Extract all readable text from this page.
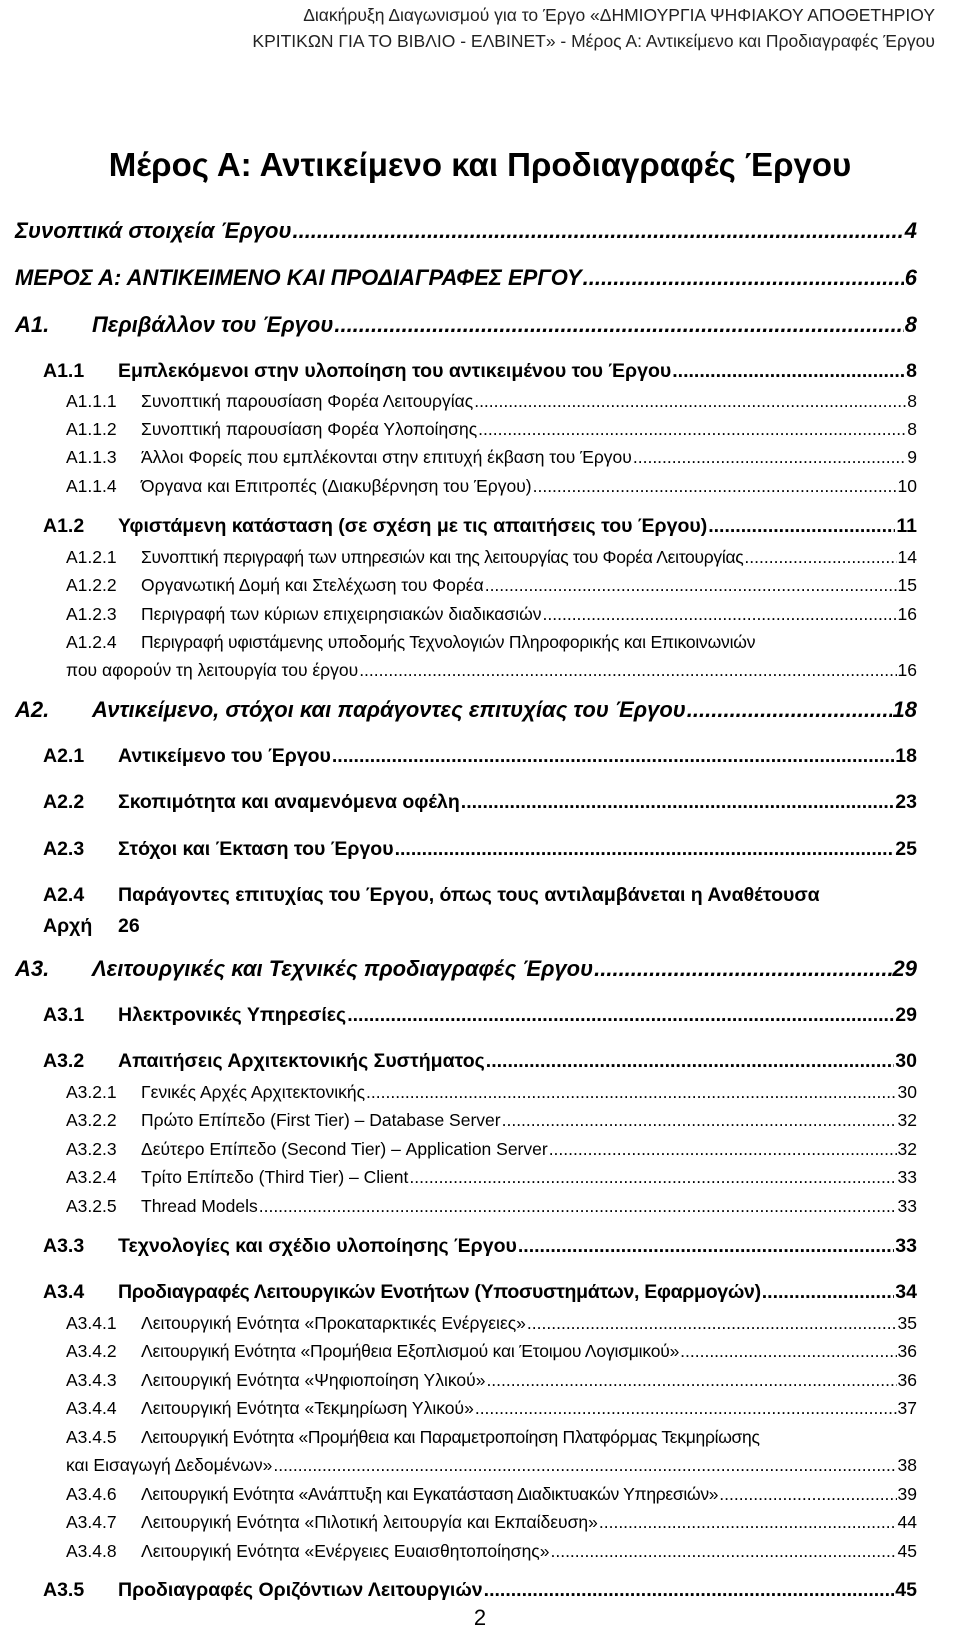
Διακήρυξη Διαγωνισμού για το Έργο «ΔΗΜΙΟΥΡΓΙΑ ΨΗΦΙΑΚΟΥ ΑΠΟΘΕΤΗΡΙΟΥ
ΚΡΙΤΙΚΩΝ ΓΙΑ ΤΟ ΒΙΒΛΙΟ - ΕΛΒΙΝΕΤ» - Μέρος Α: Αντικείμενο και Προδιαγραφές Έργου
Μέρος Α: Αντικείμενο και Προδιαγραφές Έργου
Συνοπτικά στοιχεία Έργου .....	4
ΜΕΡΟΣ Α: ΑΝΤΙΚΕΙΜΕΝΟ ΚΑΙ ΠΡΟΔΙΑΓΡΑΦΕΣ ΕΡΓΟΥ .....	6
Α1.	Περιβάλλον του Έργου .....	8
Α1.1	Εμπλεκόμενοι στην υλοποίηση του αντικειμένου του Έργου .....	8
Α1.1.1	Συνοπτική παρουσίαση Φορέα Λειτουργίας .....	8
Α1.1.2	Συνοπτική παρουσίαση Φορέα Υλοποίησης .....	8
Α1.1.3	Άλλοι Φορείς που εμπλέκονται στην επιτυχή έκβαση του Έργου .....	9
Α1.1.4	Όργανα και Επιτροπές (Διακυβέρνηση του Έργου) .....	10
Α1.2	Υφιστάμενη κατάσταση (σε σχέση με τις απαιτήσεις του Έργου) .....	11
Α1.2.1	Συνοπτική περιγραφή των υπηρεσιών και της λειτουργίας του Φορέα Λειτουργίας .....	14
Α1.2.2	Οργανωτική Δομή και Στελέχωση του Φορέα .....	15
Α1.2.3	Περιγραφή των κύριων επιχειρησιακών διαδικασιών .....	16
Α1.2.4 Περιγραφή υφιστάμενης υποδομής Τεχνολογιών Πληροφορικής και Επικοινωνιών
που αφορούν τη λειτουργία του έργου .....	16
Α2.	Αντικείμενο, στόχοι και παράγοντες επιτυχίας του Έργου .....	18
Α2.1	Αντικείμενο του Έργου .....	18
Α2.2	Σκοπιμότητα και αναμενόμενα οφέλη .....	23
Α2.3	Στόχοι και Έκταση του Έργου .....	25
Α2.4 Παράγοντες επιτυχίας του Έργου, όπως τους αντιλαμβάνεται η Αναθέτουσα
Αρχή 26
Α3.	Λειτουργικές και Τεχνικές προδιαγραφές Έργου .....	29
Α3.1	Ηλεκτρονικές Υπηρεσίες .....	29
Α3.2	Απαιτήσεις Αρχιτεκτονικής Συστήματος .....	30
Α3.2.1	Γενικές Αρχές Αρχιτεκτονικής .....	30
Α3.2.2	Πρώτο Επίπεδο (First Tier) – Database Server .....	32
Α3.2.3	Δεύτερο Επίπεδο (Second Tier) – Application Server .....	32
Α3.2.4	Τρίτο Επίπεδο (Third Tier) – Client .....	33
Α3.2.5	Thread Models .....	33
Α3.3	Τεχνολογίες και σχέδιο υλοποίησης Έργου .....	33
Α3.4	Προδιαγραφές Λειτουργικών Ενοτήτων (Υποσυστημάτων, Εφαρμογών) .....	34
Α3.4.1	Λειτουργική Ενότητα «Προκαταρκτικές Ενέργειες» .....	35
Α3.4.2	Λειτουργική Ενότητα «Προμήθεια Εξοπλισμού και Έτοιμου Λογισμικού» .....	36
Α3.4.3	Λειτουργική Ενότητα «Ψηφιοποίηση Υλικού» .....	36
Α3.4.4	Λειτουργική Ενότητα «Τεκμηρίωση Υλικού» .....	37
Α3.4.5 Λειτουργική Ενότητα «Προμήθεια και Παραμετροποίηση Πλατφόρμας Τεκμηρίωσης
και Εισαγωγή Δεδομένων» .....	38
Α3.4.6	Λειτουργική Ενότητα «Ανάπτυξη και Εγκατάσταση Διαδικτυακών Υπηρεσιών» .....	39
Α3.4.7	Λειτουργική Ενότητα «Πιλοτική λειτουργία και Εκπαίδευση» .....	44
Α3.4.8	Λειτουργική Ενότητα «Ενέργειες Ευαισθητοποίησης» .....	45
Α3.5	Προδιαγραφές Οριζόντιων Λειτουργιών .....	45
2
